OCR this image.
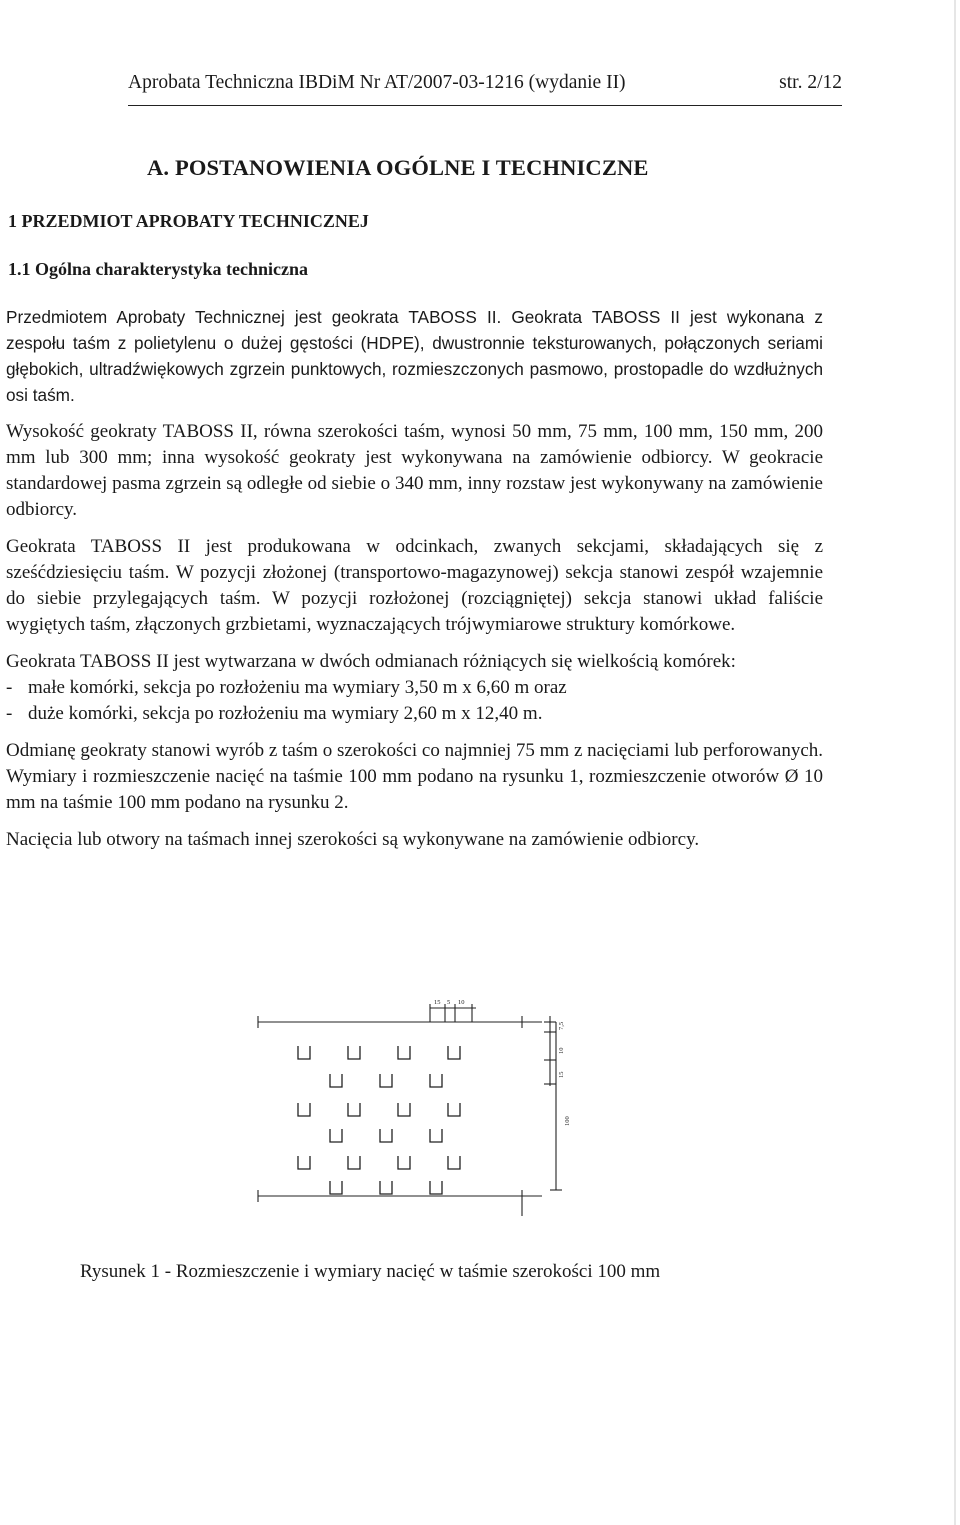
Aprobata Techniczna IBDiM Nr AT/2007-03-1216 (wydanie II)	str. 2/12
A. POSTANOWIENIA OGÓLNE I TECHNICZNE
1 PRZEDMIOT APROBATY TECHNICZNEJ
1.1 Ogólna charakterystyka techniczna

Przedmiotem Aprobaty Technicznej jest geokrata TABOSS II. Geokrata TABOSS II jest wykonana z zespołu taśm z polietylenu o dużej gęstości (HDPE), dwustronnie teksturowanych, połączonych seriami głębokich, ultradźwiękowych zgrzein punktowych, rozmieszczonych pasmowo, prostopadle do wzdłużnych osi taśm.

Wysokość geokraty TABOSS II, równa szerokości taśm, wynosi 50 mm, 75 mm, 100 mm, 150 mm, 200 mm lub 300 mm; inna wysokość geokraty jest wykonywana na zamówienie odbiorcy. W geokracie standardowej pasma zgrzein są odległe od siebie o 340 mm, inny rozstaw jest wykonywany na zamówienie odbiorcy.

Geokrata TABOSS II jest produkowana w odcinkach, zwanych sekcjami, składających się z sześćdziesięciu taśm. W pozycji złożonej (transportowo-magazynowej) sekcja stanowi zespół wzajemnie do siebie przylegających taśm. W pozycji rozłożonej (rozciągniętej) sekcja stanowi układ faliście wygiętych taśm, złączonych grzbietami, wyznaczających trójwymiarowe struktury komórkowe.

Geokrata TABOSS II jest wytwarzana w dwóch odmianach różniących się wielkością komórek:

- małe komórki, sekcja po rozłożeniu ma wymiary 3,50 m x 6,60 m oraz
- duże komórki, sekcja po rozłożeniu ma wymiary 2,60 m x 12,40 m.

Odmianę geokraty stanowi wyrób z taśm o szerokości co najmniej 75 mm z nacięciami lub perforowanych. Wymiary i rozmieszczenie nacięć na taśmie 100 mm podano na rysunku 1, rozmieszczenie otworów Ø 10 mm na taśmie 100 mm podano na rysunku 2.

Nacięcia lub otwory na taśmach innej szerokości są wykonywane na zamówienie odbiorcy.

15 5 10
7,5
10
15
100
Rysunek 1 - Rozmieszczenie i wymiary nacięć w taśmie szerokości 100 mm
